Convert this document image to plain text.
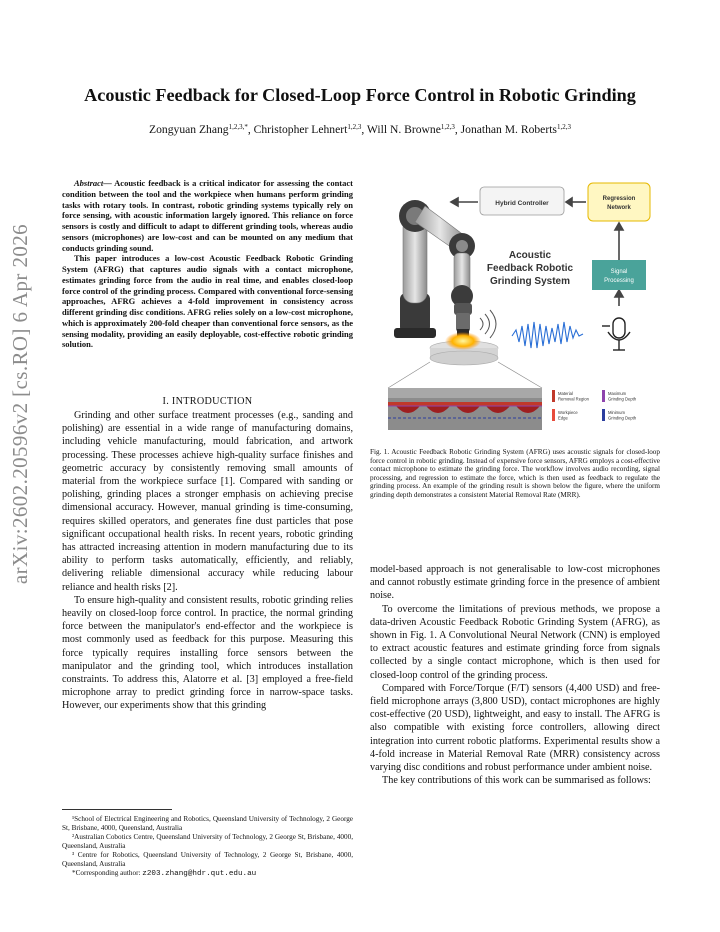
arXiv:2602.20596v2 [cs.RO] 6 Apr 2026
Acoustic Feedback for Closed-Loop Force Control in Robotic Grinding
Zongyuan Zhang$^{1,2,3,*}$, Christopher Lehnert$^{1,2,3}$, Will N. Browne$^{1,2,3}$, Jonathan M. Roberts$^{1,2,3}$

Abstract— Acoustic feedback is a critical indicator for assessing the contact condition between the tool and the workpiece when humans perform grinding tasks with rotary tools. In contrast, robotic grinding systems typically rely on force sensing, with acoustic information largely ignored. This reliance on force sensors is costly and difficult to adapt to different grinding tools, whereas audio sensors (microphones) are low-cost and can be mounted on any medium that conducts grinding sound.

This paper introduces a low-cost Acoustic Feedback Robotic Grinding System (AFRG) that captures audio signals with a contact microphone, estimates grinding force from the audio in real time, and enables closed-loop force control of the grinding process. Compared with conventional force-sensing approaches, AFRG achieves a 4-fold improvement in consistency across different grinding disc conditions. AFRG relies solely on a low-cost microphone, which is approximately 200-fold cheaper than conventional force sensors, as the sensing modality, providing an easily deployable, cost-effective robotic grinding solution.

I. INTRODUCTION

Grinding and other surface treatment processes (e.g., sanding and polishing) are essential in a wide range of manufacturing domains, including vehicle manufacturing, mould fabrication, and artwork processing. These processes achieve high-quality surface finishes and geometric accuracy by consistently removing small amounts of material from the workpiece surface [1]. Compared with sanding or polishing, grinding places a stronger emphasis on achieving precise dimensional accuracy. However, manual grinding is time-consuming, requires skilled operators, and generates fine dust particles that pose significant occupational health risks. In recent years, robotic grinding has attracted increasing attention in modern manufacturing due to its ability to perform tasks automatically, efficiently, and reliably, delivering reliable dimensional accuracy while reducing labour reliance and health risks [2].

To ensure high-quality and consistent results, robotic grinding relies heavily on closed-loop force control. In practice, the normal grinding force between the manipulator's end-effector and the workpiece is most commonly used as feedback for this purpose. Measuring this force typically requires installing force sensors between the manipulator and the grinding tool, which introduces installation constraints. To address this, Alatorre et al. [3] employed a free-field microphone array to predict grinding force in narrow-space tasks. However, our experiments show that this grinding

¹School of Electrical Engineering and Robotics, Queensland University of Technology, 2 George St, Brisbane, 4000, Queensland, Australia

²Australian Cobotics Centre, Queensland University of Technology, 2 George St, Brisbane, 4000, Queensland, Australia

³ Centre for Robotics, Queensland University of Technology, 2 George St, Brisbane, 4000, Queensland, Australia

*Corresponding author: z203.zhang@hdr.qut.edu.au

Hybrid Controller
Regression
Network
Signal
Processing
Acoustic
Feedback Robotic
Grinding System
Material
Removal Region
Maximum
Grinding Depth
Workpiece
Edge
Minimum
Grinding Depth
Fig. 1. Acoustic Feedback Robotic Grinding System (AFRG) uses acoustic signals for closed-loop force control in robotic grinding. Instead of expensive force sensors, AFRG employs a cost-effective contact microphone to estimate the grinding force. The workflow involves audio recording, signal processing, and regression to estimate the force, which is then used as feedback to regulate the grinding process. An example of the grinding result is shown below the figure, where the uniform grinding depth demonstrates a consistent Material Removal Rate (MRR).

model-based approach is not generalisable to low-cost microphones and cannot robustly estimate grinding force in the presence of ambient noise.

To overcome the limitations of previous methods, we propose a data-driven Acoustic Feedback Robotic Grinding System (AFRG), as shown in Fig. 1. A Convolutional Neural Network (CNN) is employed to extract acoustic features and estimate grinding force from signals collected by a single contact microphone, which is then used for closed-loop control of the grinding process.

Compared with Force/Torque (F/T) sensors (4,400 USD) and free-field microphone arrays (3,800 USD), contact microphones are highly cost-effective (20 USD), lightweight, and easy to install. The AFRG is also compatible with existing force controllers, allowing direct integration into current robotic platforms. Experimental results show a 4-fold increase in Material Removal Rate (MRR) consistency across varying disc conditions and robust performance under ambient noise.

The key contributions of this work can be summarised as follows:
